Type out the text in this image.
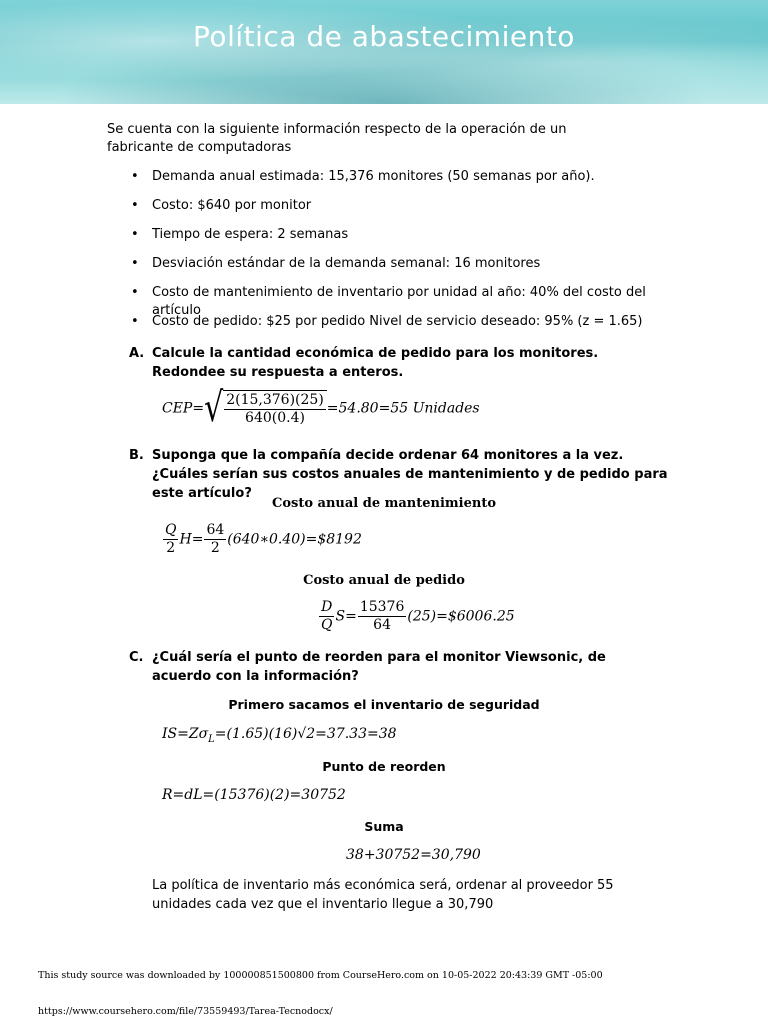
Política de abastecimiento
Se cuenta con la siguiente información respecto de la operación de un fabricante de computadoras
• Demanda anual estimada: 15,376 monitores (50 semanas por año).
• Costo: $640 por monitor
• Tiempo de espera: 2 semanas
• Desviación estándar de la demanda semanal: 16 monitores
• Costo de mantenimiento de inventario por unidad al año: 40% del costo del artículo
• Costo de pedido: $25 por pedido Nivel de servicio deseado: 95% (z = 1.65)
A. Calcule la cantidad económica de pedido para los monitores. Redondee su respuesta a enteros.
CEP= √ $\frac{2(15,376)(25)}{640(0.4)} =54.80=55$ Unidades
B. Suponga que la compañía decide ordenar 64 monitores a la vez. ¿Cuáles serían sus costos anuales de mantenimiento y de pedido para este artículo?
Costo anual de mantenimiento
$\frac{Q}{2} H= \frac{64}{2}$ (640∗0.40)=$8192
Costo anual de pedido
$\frac{D}{Q} S= \frac{15376}{64}$ (25)=$6006.25
C. ¿Cuál sería el punto de reorden para el monitor Viewsonic, de acuerdo con la información?
Primero sacamos el inventario de seguridad
$IS=Z\sigma_L=(1.65)(16)√2=37.33=38$
Punto de reorden
R=dL=(15376)(2)=30752
Suma
38+30752=30,790
La política de inventario más económica será, ordenar al proveedor 55 unidades cada vez que el inventario llegue a 30,790
This study source was downloaded by 100000851500800 from CourseHero.com on 10-05-2022 20:43:39 GMT -05:00
https://www.coursehero.com/file/73559493/Tarea-Tecnodocx/
